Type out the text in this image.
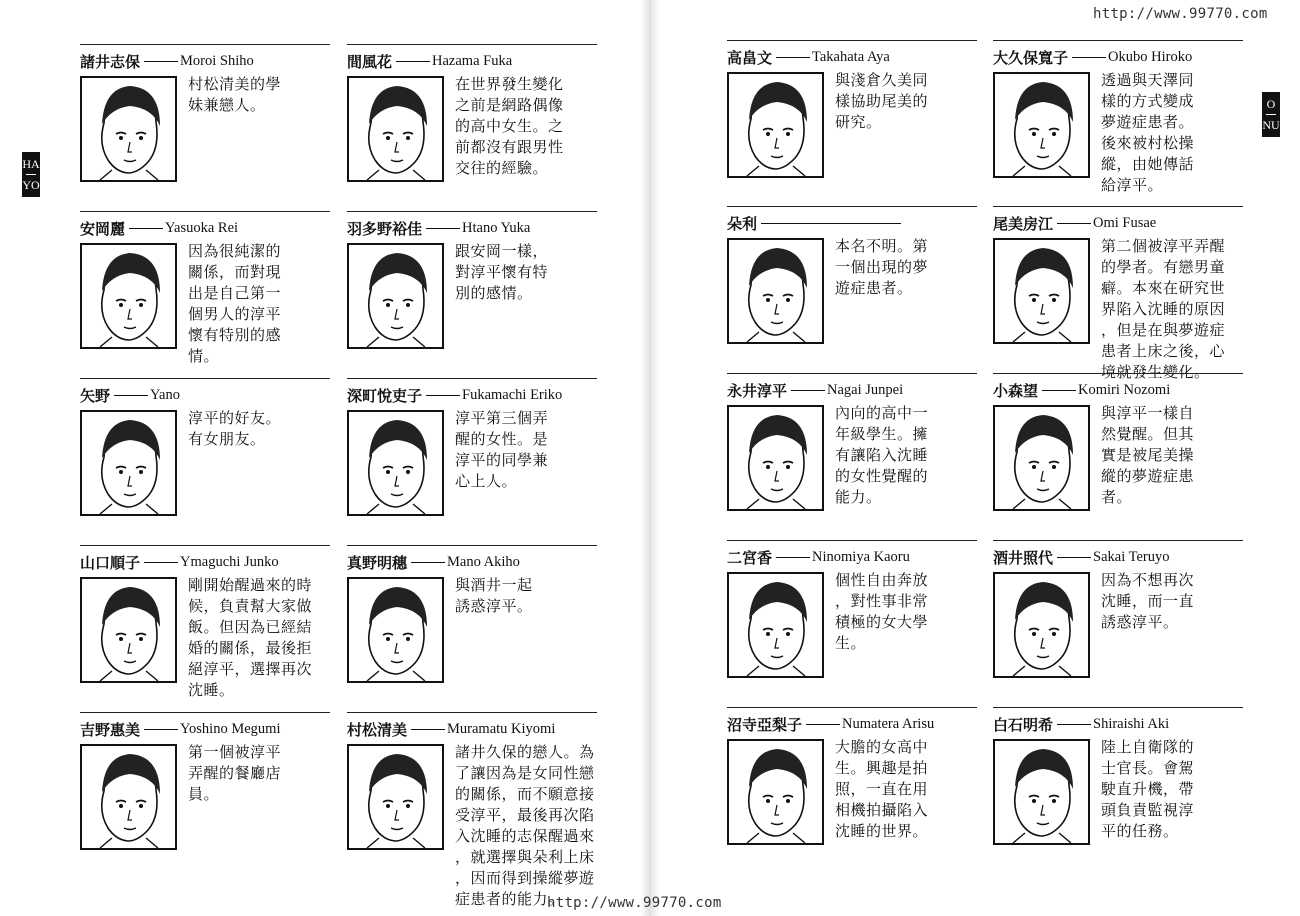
http://www.99770.com
http://www.99770.com
HA
YO
O
NU
諸井志保	Moroi Shiho
村松清美的學
妹兼戀人。
間風花	Hazama Fuka
在世界發生變化
之前是網路偶像
的高中女生。之
前都沒有跟男性
交往的經驗。
安岡麗	Yasuoka Rei
因為很純潔的
關係，而對現
出是自己第一
個男人的淳平
懷有特別的感
情。
羽多野裕佳	Htano Yuka
跟安岡一樣，
對淳平懷有特
別的感情。
矢野	Yano
淳平的好友。
有女朋友。
深町悅吏子	Fukamachi Eriko
淳平第三個弄
醒的女性。是
淳平的同學兼
心上人。
山口順子	Ymaguchi Junko
剛開始醒過來的時
候，負責幫大家做
飯。但因為已經結
婚的關係，最後拒
絕淳平，選擇再次
沈睡。
真野明穗	Mano Akiho
與酒井一起
誘惑淳平。
吉野惠美	Yoshino Megumi
第一個被淳平
弄醒的餐廳店
員。
村松清美	Muramatu Kiyomi
諸井久保的戀人。為
了讓因為是女同性戀
的關係，而不願意接
受淳平，最後再次陷
入沈睡的志保醒過來
，就選擇與朵利上床
，因而得到操縱夢遊
症患者的能力。
高畠文	Takahata Aya
與淺倉久美同
樣協助尾美的
研究。
大久保寬子	Okubo Hiroko
透過與天澤同
樣的方式變成
夢遊症患者。
後來被村松操
縱，由她傳話
給淳平。
朵利
本名不明。第
一個出現的夢
遊症患者。
尾美房江	Omi Fusae
第二個被淳平弄醒
的學者。有戀男童
癖。本來在研究世
界陷入沈睡的原因
，但是在與夢遊症
患者上床之後，心
境就發生變化。
永井淳平	Nagai Junpei
內向的高中一
年級學生。擁
有讓陷入沈睡
的女性覺醒的
能力。
小森望	Komiri Nozomi
與淳平一樣自
然覺醒。但其
實是被尾美操
縱的夢遊症患
者。
二宮香	Ninomiya Kaoru
個性自由奔放
，對性事非常
積極的女大學
生。
酒井照代	Sakai Teruyo
因為不想再次
沈睡，而一直
誘惑淳平。
沼寺亞梨子	Numatera Arisu
大膽的女高中
生。興趣是拍
照，一直在用
相機拍攝陷入
沈睡的世界。
白石明希	Shiraishi Aki
陸上自衛隊的
士官長。會駕
駛直升機，帶
頭負責監視淳
平的任務。
